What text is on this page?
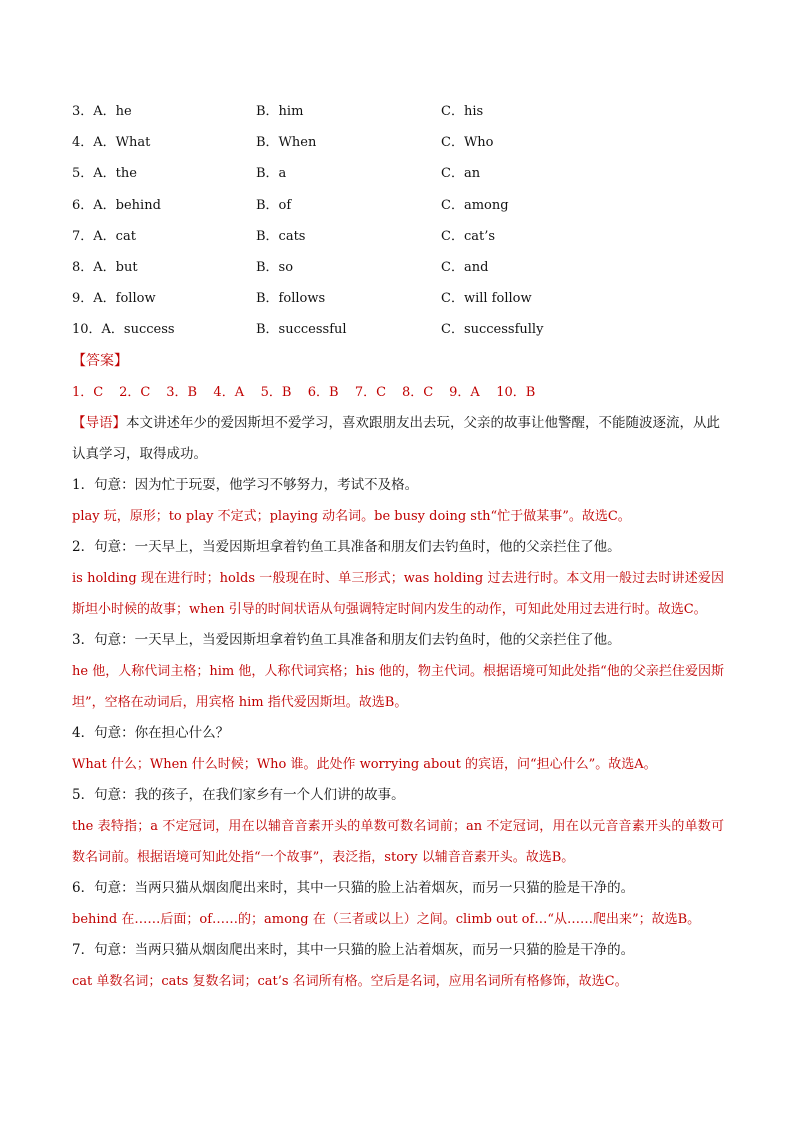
3．A．he	B．him	C．his
4．A．What	B．When	C．Who
5．A．the	B．a	C．an
6．A．behind	B．of	C．among
7．A．cat	B．cats	C．cat’s
8．A．but	B．so	C．and
9．A．follow	B．follows	C．will follow
10．A．success	B．successful	C．successfully
【答案】
1．C 2．C 3．B 4．A 5．B 6．B 7．C 8．C 9．A 10．B
【导语】本文讲述年少的爱因斯坦不爱学习，喜欢跟朋友出去玩，父亲的故事让他警醒，不能随波逐流，从此认真学习，取得成功。
1．句意：因为忙于玩耍，他学习不够努力，考试不及格。
play 玩，原形；to play 不定式；playing 动名词。be busy doing sth“忙于做某事”。故选C。
2．句意：一天早上，当爱因斯坦拿着钓鱼工具准备和朋友们去钓鱼时，他的父亲拦住了他。
is holding 现在进行时；holds 一般现在时、单三形式；was holding 过去进行时。本文用一般过去时讲述爱因斯坦小时候的故事；when 引导的时间状语从句强调特定时间内发生的动作，可知此处用过去进行时。故选C。
3．句意：一天早上，当爱因斯坦拿着钓鱼工具准备和朋友们去钓鱼时，他的父亲拦住了他。
he 他，人称代词主格；him 他，人称代词宾格；his 他的，物主代词。根据语境可知此处指“他的父亲拦住爱因斯坦”，空格在动词后，用宾格 him 指代爱因斯坦。故选B。
4．句意：你在担心什么？
What 什么；When 什么时候；Who 谁。此处作 worrying about 的宾语，问“担心什么”。故选A。
5．句意：我的孩子，在我们家乡有一个人们讲的故事。
the 表特指；a 不定冠词，用在以辅音音素开头的单数可数名词前；an 不定冠词，用在以元音音素开头的单数可数名词前。根据语境可知此处指“一个故事”，表泛指，story 以辅音音素开头。故选B。
6．句意：当两只猫从烟囱爬出来时，其中一只猫的脸上沾着烟灰，而另一只猫的脸是干净的。
behind 在……后面；of……的；among 在（三者或以上）之间。climb out of…“从……爬出来”；故选B。
7．句意：当两只猫从烟囱爬出来时，其中一只猫的脸上沾着烟灰，而另一只猫的脸是干净的。
cat 单数名词；cats 复数名词；cat’s 名词所有格。空后是名词，应用名词所有格修饰，故选C。
